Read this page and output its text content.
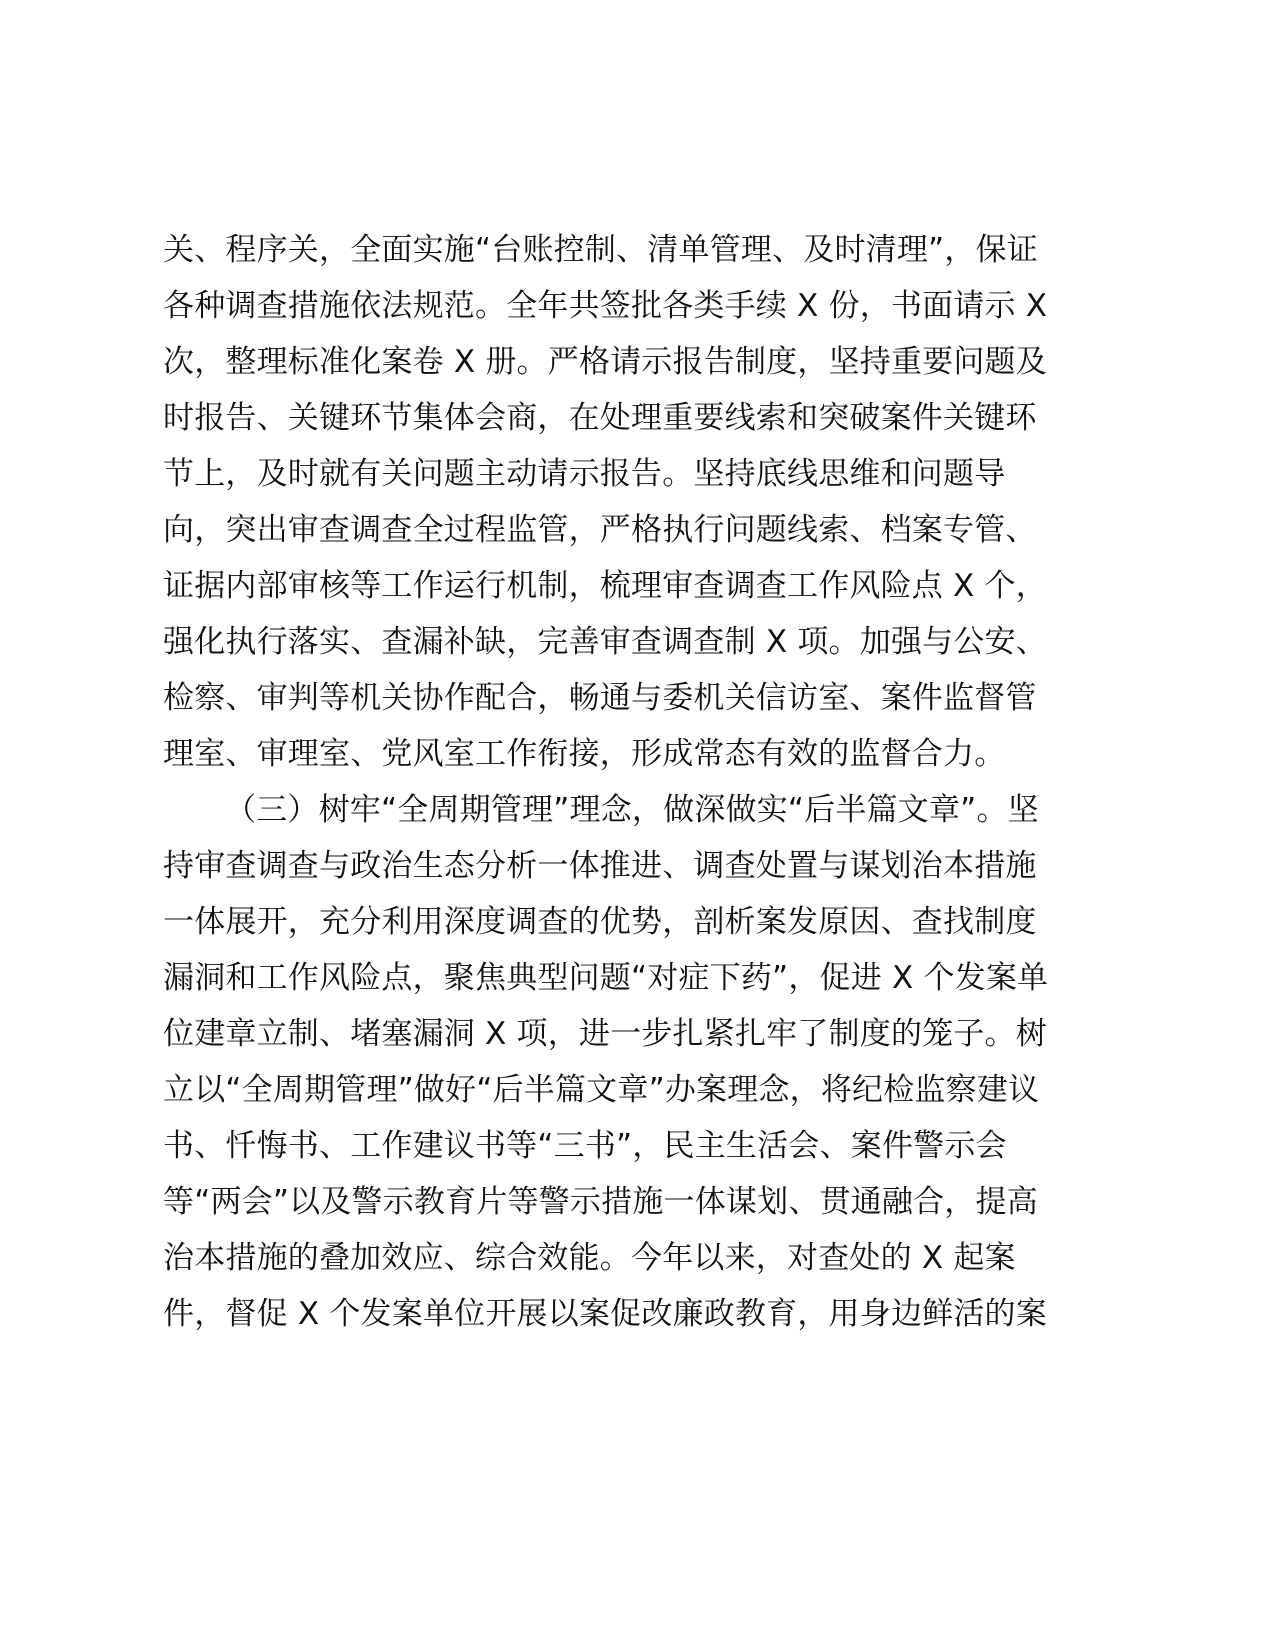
关、程序关，全面实施“台账控制、清单管理、及时清理”，保证
各种调查措施依法规范。全年共签批各类手续 X 份，书面请示 X
次，整理标准化案卷 X 册。严格请示报告制度，坚持重要问题及
时报告、关键环节集体会商，在处理重要线索和突破案件关键环
节上，及时就有关问题主动请示报告。坚持底线思维和问题导
向，突出审查调查全过程监管，严格执行问题线索、档案专管、
证据内部审核等工作运行机制，梳理审查调查工作风险点 X 个，
强化执行落实、查漏补缺，完善审查调查制 X 项。加强与公安、
检察、审判等机关协作配合，畅通与委机关信访室、案件监督管
理室、审理室、党风室工作衔接，形成常态有效的监督合力。
（三）树牢“全周期管理”理念，做深做实“后半篇文章”。坚
持审查调查与政治生态分析一体推进、调查处置与谋划治本措施
一体展开，充分利用深度调查的优势，剖析案发原因、查找制度
漏洞和工作风险点，聚焦典型问题“对症下药”，促进 X 个发案单
位建章立制、堵塞漏洞 X 项，进一步扎紧扎牢了制度的笼子。树
立以“全周期管理”做好“后半篇文章”办案理念，将纪检监察建议
书、忏悔书、工作建议书等“三书”，民主生活会、案件警示会
等“两会”以及警示教育片等警示措施一体谋划、贯通融合，提高
治本措施的叠加效应、综合效能。今年以来，对查处的 X 起案
件，督促 X 个发案单位开展以案促改廉政教育，用身边鲜活的案
